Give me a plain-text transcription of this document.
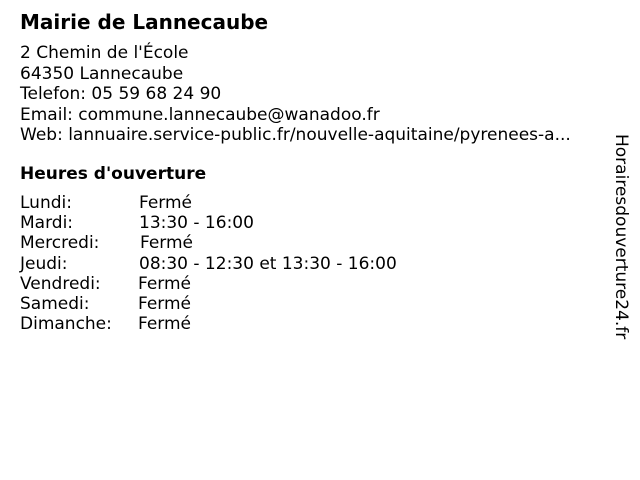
Mairie de Lannecaube
2 Chemin de l'École
64350 Lannecaube
Telefon: 05 59 68 24 90
Email: commune.lannecaube@wanadoo.fr
Web: lannuaire.service-public.fr/nouvelle-aquitaine/pyrenees-a...
Heures d'ouverture
Lundi:	Fermé
Mardi:	13:30 - 16:00
Mercredi: Fermé
Jeudi:	08:30 - 12:30 et 13:30 - 16:00
Vendredi: Fermé
Samedi:	Fermé
Dimanche: Fermé	Horairesdouverture24.fr
